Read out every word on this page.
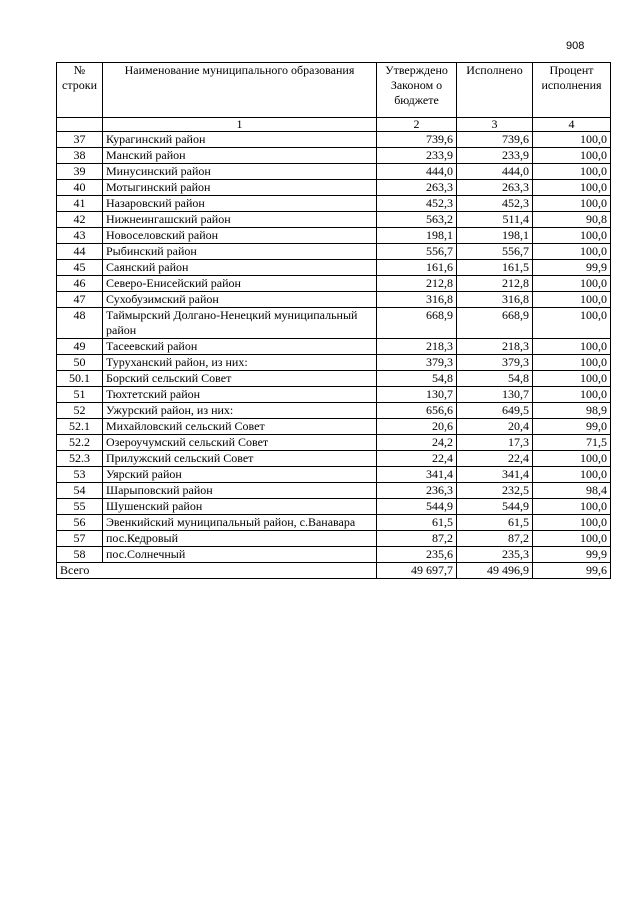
908
№ строки	Наименование муниципального образования	Утверждено Законом о бюджете	Исполнено	Процент исполнения
	1	2	3	4
37	Курагинский район	739,6	739,6	100,0
38	Манский район	233,9	233,9	100,0
39	Минусинский район	444,0	444,0	100,0
40	Мотыгинский район	263,3	263,3	100,0
41	Назаровский район	452,3	452,3	100,0
42	Нижнеингашский район	563,2	511,4	90,8
43	Новоселовский район	198,1	198,1	100,0
44	Рыбинский район	556,7	556,7	100,0
45	Саянский район	161,6	161,5	99,9
46	Северо-Енисейский район	212,8	212,8	100,0
47	Сухобузимский район	316,8	316,8	100,0
48	Таймырский Долгано-Ненецкий муниципальный район	668,9	668,9	100,0
49	Тасеевский район	218,3	218,3	100,0
50	Туруханский район, из них:	379,3	379,3	100,0
50.1	Борский сельский Совет	54,8	54,8	100,0
51	Тюхтетский район	130,7	130,7	100,0
52	Ужурский район, из них:	656,6	649,5	98,9
52.1	Михайловский сельский Совет	20,6	20,4	99,0
52.2	Озероучумский сельский Совет	24,2	17,3	71,5
52.3	Прилужский сельский Совет	22,4	22,4	100,0
53	Уярский район	341,4	341,4	100,0
54	Шарыповский район	236,3	232,5	98,4
55	Шушенский район	544,9	544,9	100,0
56	Эвенкийский муниципальный район, с.Ванавара	61,5	61,5	100,0
57	пос.Кедровый	87,2	87,2	100,0
58	пос.Солнечный	235,6	235,3	99,9
Всего		49 697,7	49 496,9	99,6
